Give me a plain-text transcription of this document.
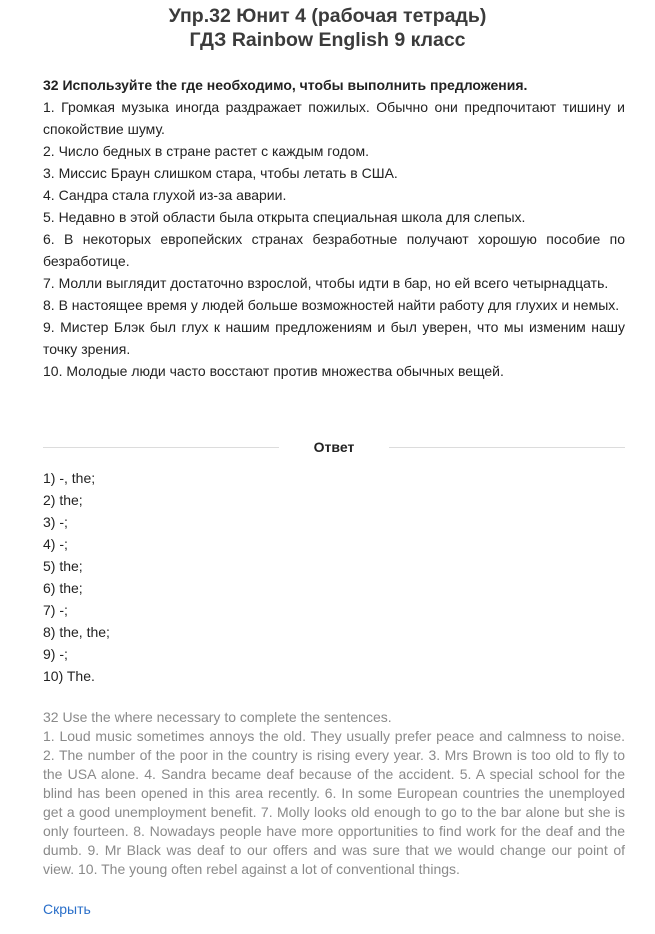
Упр.32 Юнит 4 (рабочая тетрадь)
ГДЗ Rainbow English 9 класс
32 Используйте the где необходимо, чтобы выполнить предложения.

1. Громкая музыка иногда раздражает пожилых. Обычно они предпочитают тишину и спокойствие шуму.

2. Число бедных в стране растет с каждым годом.

3. Миссис Браун слишком стара, чтобы летать в США.

4. Сандра стала глухой из-за аварии.

5. Недавно в этой области была открыта специальная школа для слепых.

6. В некоторых европейских странах безработные получают хорошую пособие по безработице.

7. Молли выглядит достаточно взрослой, чтобы идти в бар, но ей всего четырнадцать.

8. В настоящее время у людей больше возможностей найти работу для глухих и немых.

9. Мистер Блэк был глух к нашим предложениям и был уверен, что мы изменим нашу точку зрения.

10. Молодые люди часто восстают против множества обычных вещей.

Ответ
1) -, the;
2) the;
3) -;
4) -;
5) the;
6) the;
7) -;
8) the, the;
9) -;
10) The.

32 Use the where necessary to complete the sentences.

1. Loud music sometimes annoys the old. They usually prefer peace and calmness to noise. 2. The number of the poor in the country is rising every year. 3. Mrs Brown is too old to fly to the USA alone. 4. Sandra became deaf because of the accident. 5. A special school for the blind has been opened in this area recently. 6. In some European countries the unemployed get a good unemployment benefit. 7. Molly looks old enough to go to the bar alone but she is only fourteen. 8. Nowadays people have more opportunities to find work for the deaf and the dumb. 9. Mr Black was deaf to our offers and was sure that we would change our point of view. 10. The young often rebel against a lot of conventional things.

Скрыть
